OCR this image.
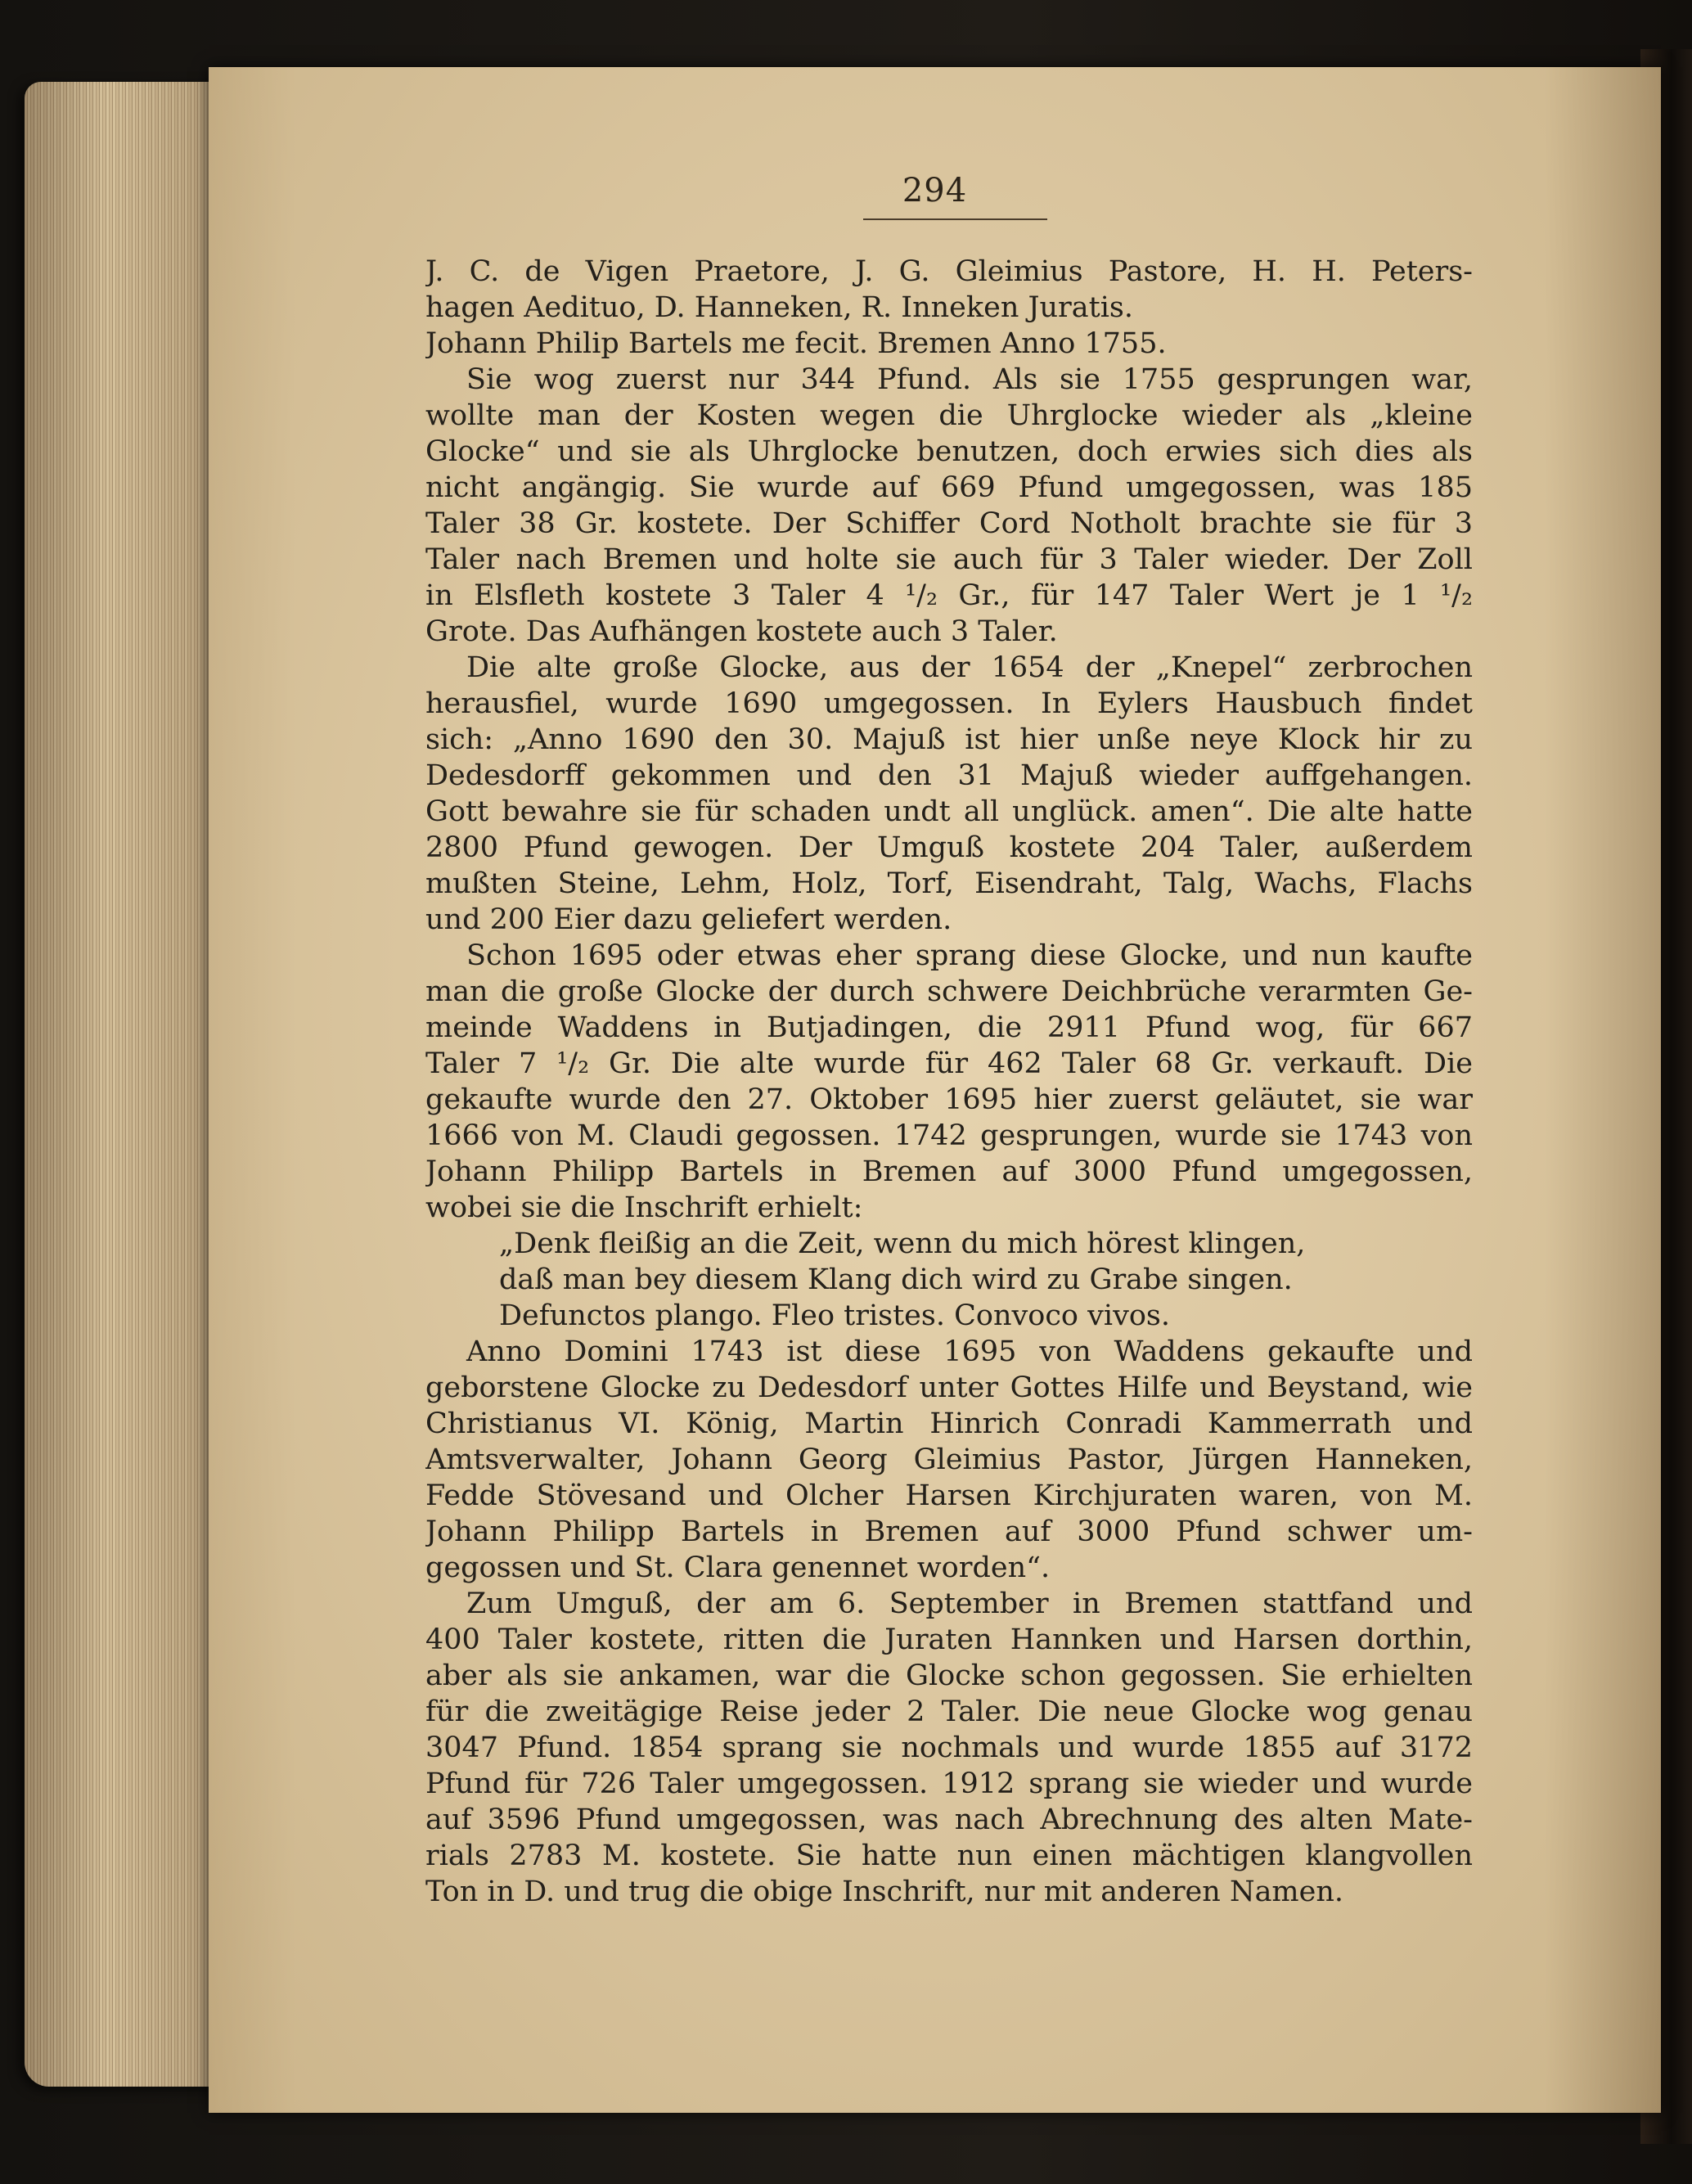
294
J. C. de Vigen Praetore, J. G. Gleimius Pastore, H. H. Peters-
hagen Aedituo, D. Hanneken, R. Inneken Juratis.
Johann Philip Bartels me fecit. Bremen Anno 1755.
Sie wog zuerst nur 344 Pfund. Als sie 1755 gesprungen war,
wollte man der Kosten wegen die Uhrglocke wieder als „kleine
Glocke“ und sie als Uhrglocke benutzen, doch erwies sich dies als
nicht angängig. Sie wurde auf 669 Pfund umgegossen, was 185
Taler 38 Gr. kostete. Der Schiffer Cord Notholt brachte sie für 3
Taler nach Bremen und holte sie auch für 3 Taler wieder. Der Zoll
in Elsfleth kostete 3 Taler 4 ¹/₂ Gr., für 147 Taler Wert je 1 ¹/₂
Grote. Das Aufhängen kostete auch 3 Taler.
Die alte große Glocke, aus der 1654 der „Knepel“ zerbrochen
herausfiel, wurde 1690 umgegossen. In Eylers Hausbuch findet
sich: „Anno 1690 den 30. Majuß ist hier unße neye Klock hir zu
Dedesdorff gekommen und den 31 Majuß wieder auffgehangen.
Gott bewahre sie für schaden undt all unglück. amen“. Die alte hatte
2800 Pfund gewogen. Der Umguß kostete 204 Taler, außerdem
mußten Steine, Lehm, Holz, Torf, Eisendraht, Talg, Wachs, Flachs
und 200 Eier dazu geliefert werden.
Schon 1695 oder etwas eher sprang diese Glocke, und nun kaufte
man die große Glocke der durch schwere Deichbrüche verarmten Ge-
meinde Waddens in Butjadingen, die 2911 Pfund wog, für 667
Taler 7 ¹/₂ Gr. Die alte wurde für 462 Taler 68 Gr. verkauft. Die
gekaufte wurde den 27. Oktober 1695 hier zuerst geläutet, sie war
1666 von M. Claudi gegossen. 1742 gesprungen, wurde sie 1743 von
Johann Philipp Bartels in Bremen auf 3000 Pfund umgegossen,
wobei sie die Inschrift erhielt:
„Denk fleißig an die Zeit, wenn du mich hörest klingen,
daß man bey diesem Klang dich wird zu Grabe singen.
Defunctos plango. Fleo tristes. Convoco vivos.
Anno Domini 1743 ist diese 1695 von Waddens gekaufte und
geborstene Glocke zu Dedesdorf unter Gottes Hilfe und Beystand, wie
Christianus VI. König, Martin Hinrich Conradi Kammerrath und
Amtsverwalter, Johann Georg Gleimius Pastor, Jürgen Hanneken,
Fedde Stövesand und Olcher Harsen Kirchjuraten waren, von M.
Johann Philipp Bartels in Bremen auf 3000 Pfund schwer um-
gegossen und St. Clara genennet worden“.
Zum Umguß, der am 6. September in Bremen stattfand und
400 Taler kostete, ritten die Juraten Hannken und Harsen dorthin,
aber als sie ankamen, war die Glocke schon gegossen. Sie erhielten
für die zweitägige Reise jeder 2 Taler. Die neue Glocke wog genau
3047 Pfund. 1854 sprang sie nochmals und wurde 1855 auf 3172
Pfund für 726 Taler umgegossen. 1912 sprang sie wieder und wurde
auf 3596 Pfund umgegossen, was nach Abrechnung des alten Mate-
rials 2783 M. kostete. Sie hatte nun einen mächtigen klangvollen
Ton in D. und trug die obige Inschrift, nur mit anderen Namen.
